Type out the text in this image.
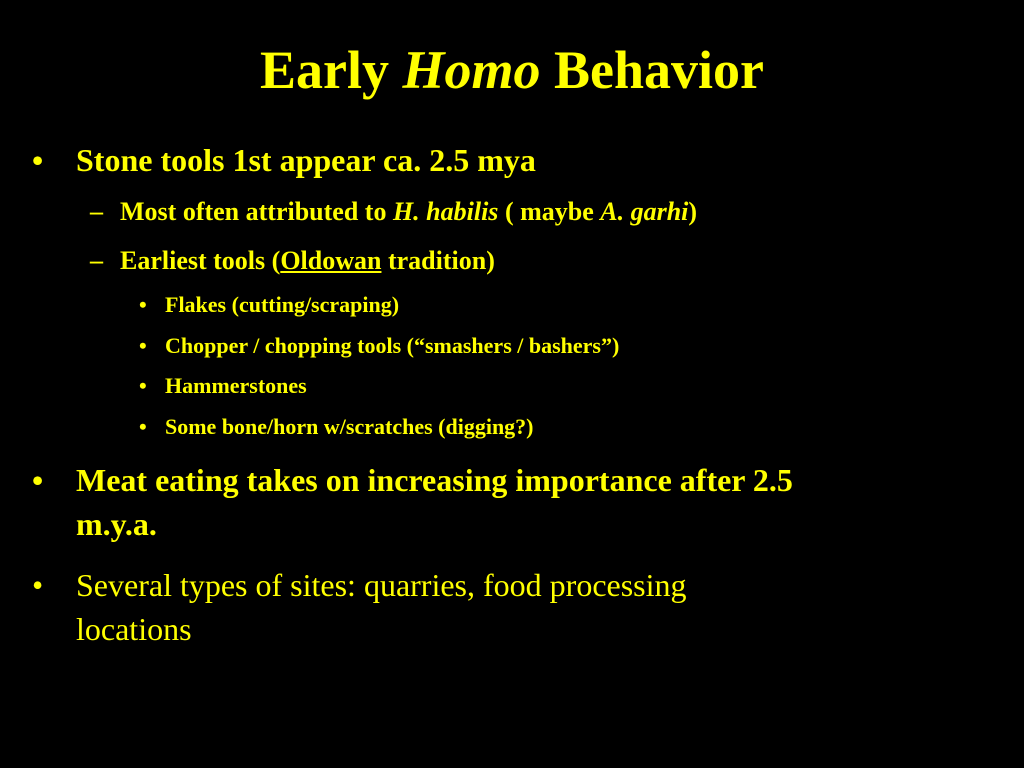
Early Homo Behavior
• Stone tools 1st appear ca. 2.5 mya
– Most often attributed to H. habilis ( maybe A. garhi)
– Earliest tools (Oldowan tradition)
• Flakes (cutting/scraping)
• Chopper / chopping tools (“smashers / bashers”)
• Hammerstones
• Some bone/horn w/scratches (digging?)
• Meat eating takes on increasing importance after 2.5
m.y.a.
• Several types of sites: quarries, food processing
locations
